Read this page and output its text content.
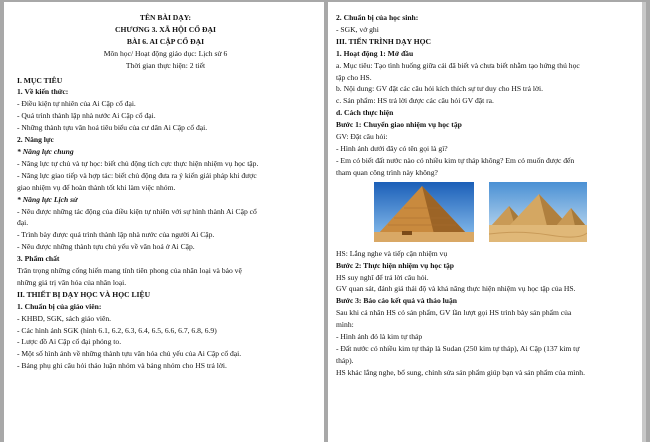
TÊN BÀI DẠY:
CHƯƠNG 3. XÃ HỘI CỔ ĐẠI
BÀI 6. AI CẬP CỔ ĐẠI
Môn học/ Hoạt động giáo dục: Lịch sử 6
Thời gian thực hiện: 2 tiết
I. MỤC TIÊU
1. Về kiến thức:
- Điều kiện tự nhiên của Ai Cập cổ đại.
- Quá trình thành lập nhà nước Ai Cập cổ đại.
- Những thành tựu văn hoá tiêu biểu của cư dân Ai Cập cổ đại.
2. Năng lực
* Năng lực chung
- Năng lực tự chủ và tự học: biết chủ động tích cực thực hiện nhiệm vụ học tập.
- Năng lực giao tiếp và hợp tác: biết chủ động đưa ra ý kiến giải pháp khi được
giao nhiệm vụ để hoàn thành tốt khi làm việc nhóm.
* Năng lực Lịch sử
- Nêu được những tác động của điều kiện tự nhiên với sự hình thành Ai Cập cổ
đại.
- Trình bày được quá trình thành lập nhà nước của người Ai Cập.
- Nêu được những thành tựu chủ yếu về văn hoá ở Ai Cập.
3. Phẩm chất
Trân trọng những cống hiến mang tính tiên phong của nhân loại và bảo vệ
những giá trị văn hóa của nhân loại.
II. THIẾT BỊ DẠY HỌC VÀ HỌC LIỆU
1. Chuẩn bị của giáo viên:
- KHBD, SGK, sách giáo viên.
- Các hình ảnh SGK (hình 6.1, 6.2, 6.3, 6.4, 6.5, 6.6, 6.7, 6.8, 6.9)
- Lược đồ Ai Cập cổ đại phóng to.
- Một số hình ảnh về những thành tựu văn hóa chủ yếu của Ai Cập cổ đại.
- Bảng phụ ghi câu hỏi thảo luận nhóm và bảng nhóm cho HS trả lời.
2. Chuẩn bị của học sinh:
- SGK, vở ghi
III. TIẾN TRÌNH DẠY HỌC
1. Hoạt động 1: Mở đầu
a. Mục tiêu: Tạo tình huống giữa cái đã biết và chưa biết nhằm tạo hứng thú học
tập cho HS.
b. Nội dung: GV đặt các câu hỏi kích thích sự tư duy cho HS trả lời.
c. Sản phẩm: HS trả lời được các câu hỏi GV đặt ra.
d. Cách thực hiện
Bước 1: Chuyển giao nhiệm vụ học tập
GV: Đặt câu hỏi:
- Hình ảnh dưới đây có tên gọi là gì?
- Em có biết đất nước nào có nhiều kim tự tháp không? Em có muốn được đến
tham quan công trình này không?
HS: Lắng nghe và tiếp cận nhiệm vụ
Bước 2: Thực hiện nhiệm vụ học tập
HS suy nghĩ để trả lời câu hỏi.
GV quan sát, đánh giá thái độ và khả năng thực hiện nhiệm vụ học tập của HS.
Bước 3: Báo cáo kết quả và thảo luận
Sau khi cá nhân HS có sản phẩm, GV lần lượt gọi HS trình bày sản phẩm của
mình:
- Hình ảnh đó là kim tự tháp
- Đất nước có nhiều kim tự tháp là Sudan (250 kim tự tháp), Ai Cập (137 kim tự
tháp).
HS khác lắng nghe, bổ sung, chỉnh sửa sản phẩm giúp bạn và sản phẩm của mình.
